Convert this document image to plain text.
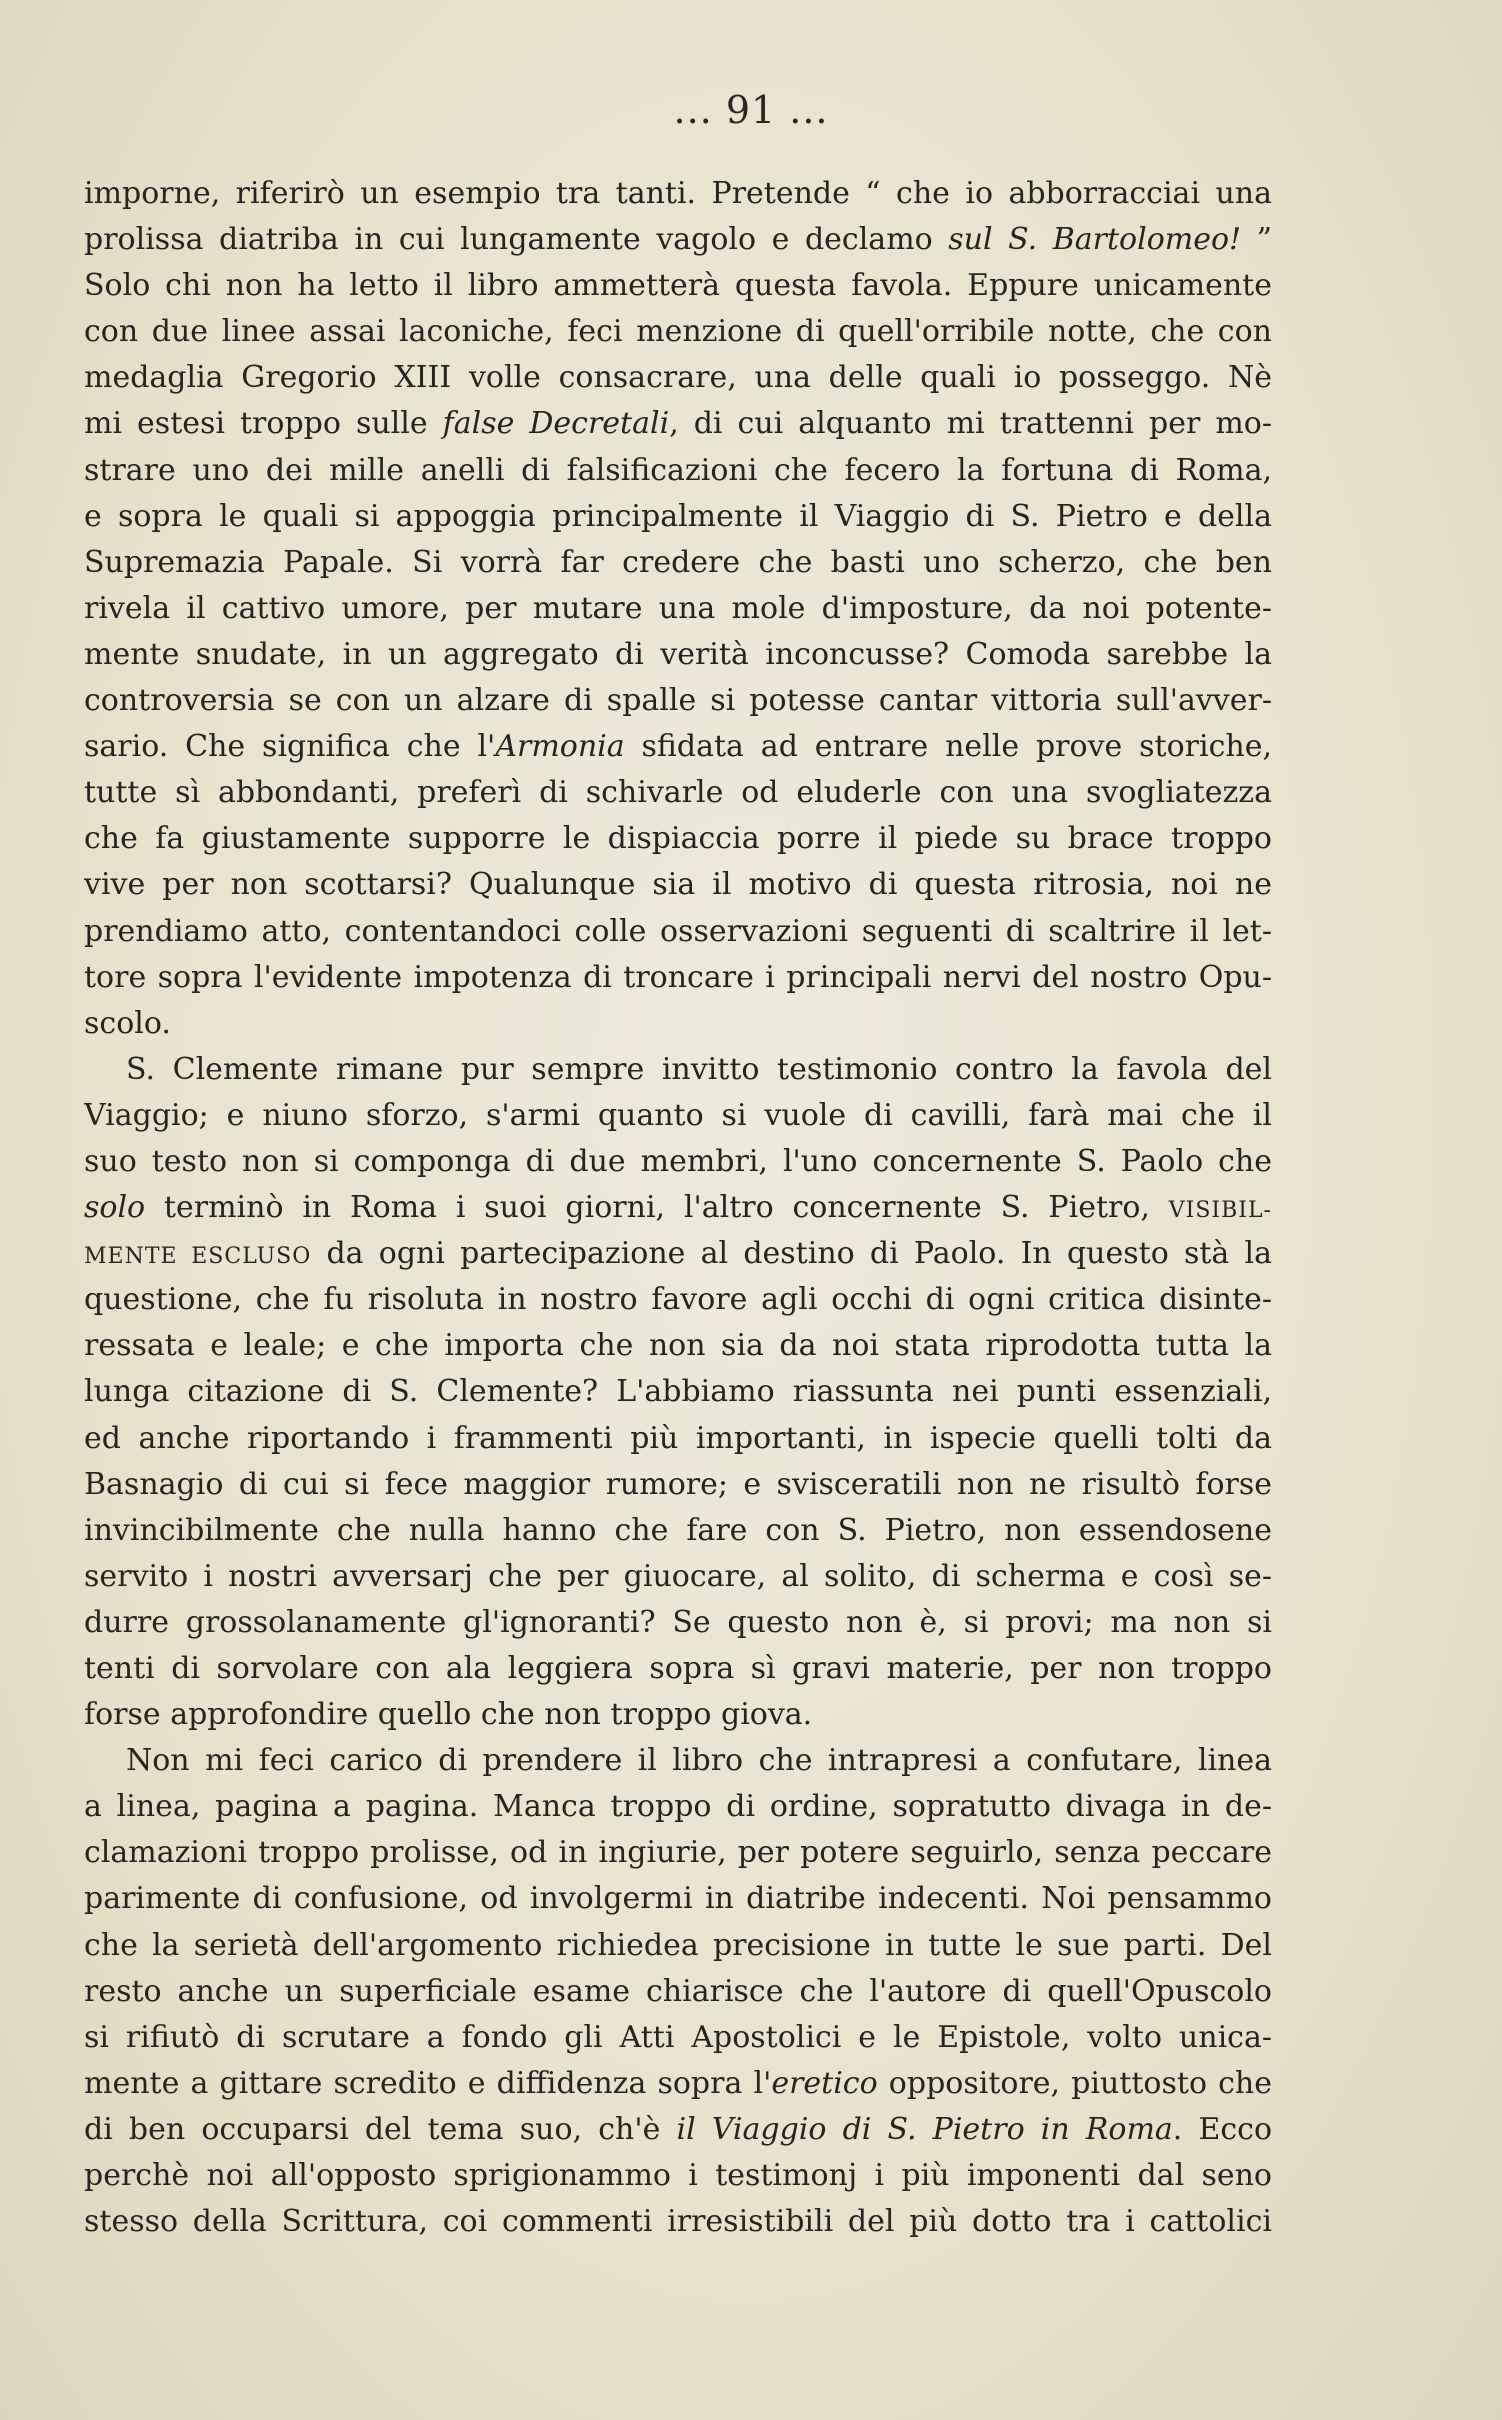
... 91 ...
imporne, riferirò un esempio tra tanti. Pretende “ che io abborracciai una
prolissa diatriba in cui lungamente vagolo e declamo sul S. Bartolomeo! ”
Solo chi non ha letto il libro ammetterà questa favola. Eppure unicamente
con due linee assai laconiche, feci menzione di quell'orribile notte, che con
medaglia Gregorio XIII volle consacrare, una delle quali io posseggo. Nè
mi estesi troppo sulle false Decretali, di cui alquanto mi trattenni per mo-
strare uno dei mille anelli di falsificazioni che fecero la fortuna di Roma,
e sopra le quali si appoggia principalmente il Viaggio di S. Pietro e della
Supremazia Papale. Si vorrà far credere che basti uno scherzo, che ben
rivela il cattivo umore, per mutare una mole d'imposture, da noi potente-
mente snudate, in un aggregato di verità inconcusse? Comoda sarebbe la
controversia se con un alzare di spalle si potesse cantar vittoria sull'avver-
sario. Che significa che l'Armonia sfidata ad entrare nelle prove storiche,
tutte sì abbondanti, preferì di schivarle od eluderle con una svogliatezza
che fa giustamente supporre le dispiaccia porre il piede su brace troppo
vive per non scottarsi? Qualunque sia il motivo di questa ritrosia, noi ne
prendiamo atto, contentandoci colle osservazioni seguenti di scaltrire il let-
tore sopra l'evidente impotenza di troncare i principali nervi del nostro Opu-
scolo.
S. Clemente rimane pur sempre invitto testimonio contro la favola del
Viaggio; e niuno sforzo, s'armi quanto si vuole di cavilli, farà mai che il
suo testo non si componga di due membri, l'uno concernente S. Paolo che
solo terminò in Roma i suoi giorni, l'altro concernente S. Pietro, VISIBIL-
MENTE ESCLUSO da ogni partecipazione al destino di Paolo. In questo stà la
questione, che fu risoluta in nostro favore agli occhi di ogni critica disinte-
ressata e leale; e che importa che non sia da noi stata riprodotta tutta la
lunga citazione di S. Clemente? L'abbiamo riassunta nei punti essenziali,
ed anche riportando i frammenti più importanti, in ispecie quelli tolti da
Basnagio di cui si fece maggior rumore; e svisceratili non ne risultò forse
invincibilmente che nulla hanno che fare con S. Pietro, non essendosene
servito i nostri avversarj che per giuocare, al solito, di scherma e così se-
durre grossolanamente gl'ignoranti? Se questo non è, si provi; ma non si
tenti di sorvolare con ala leggiera sopra sì gravi materie, per non troppo
forse approfondire quello che non troppo giova.
Non mi feci carico di prendere il libro che intrapresi a confutare, linea
a linea, pagina a pagina. Manca troppo di ordine, sopratutto divaga in de-
clamazioni troppo prolisse, od in ingiurie, per potere seguirlo, senza peccare
parimente di confusione, od involgermi in diatribe indecenti. Noi pensammo
che la serietà dell'argomento richiedea precisione in tutte le sue parti. Del
resto anche un superficiale esame chiarisce che l'autore di quell'Opuscolo
si rifiutò di scrutare a fondo gli Atti Apostolici e le Epistole, volto unica-
mente a gittare scredito e diffidenza sopra l'eretico oppositore, piuttosto che
di ben occuparsi del tema suo, ch'è il Viaggio di S. Pietro in Roma. Ecco
perchè noi all'opposto sprigionammo i testimonj i più imponenti dal seno
stesso della Scrittura, coi commenti irresistibili del più dotto tra i cattolici
